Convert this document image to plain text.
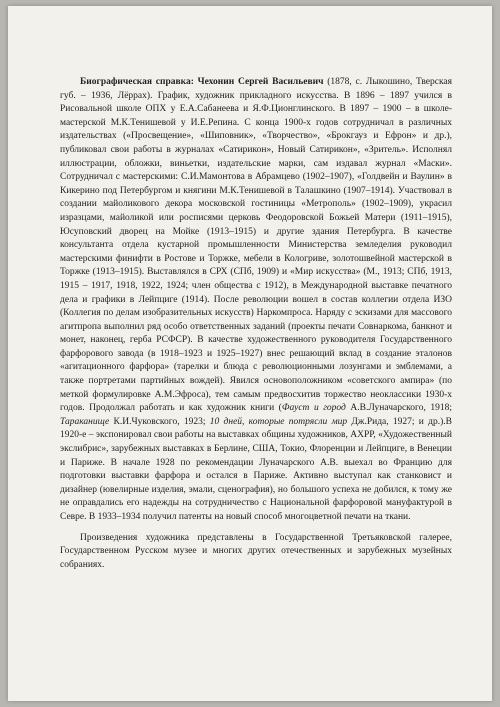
Биографическая справка: Чехонин Сергей Васильевич (1878, с. Лыкошино, Тверская губ. – 1936, Лёррах). График, художник прикладного искусства. В 1896 – 1897 учился в Рисовальной школе ОПХ у Е.А.Сабанеева и Я.Ф.Ционглинского. В 1897 – 1900 – в школе-мастерской М.К.Тенишевой у И.Е.Репина. С конца 1900-х годов сотрудничал в различных издательствах («Просвещение», «Шиповник», «Творчество», «Брокгауз и Ефрон» и др.), публиковал свои работы в журналах «Сатирикон», Новый Сатирикон», «Зритель». Исполнял иллюстрации, обложки, виньетки, издательские марки, сам издавал журнал «Маски». Сотрудничал с мастерскими: С.И.Мамонтова в Абрамцево (1902–1907), «Голдвейн и Ваулин» в Кикерино под Петербургом и княгини М.К.Тенишевой в Талашкино (1907–1914). Участвовал в создании майоликового декора московской гостиницы «Метрополь» (1902–1909), украсил изразцами, майоликой или росписями церковь Феодоровской Божьей Матери (1911–1915), Юсуповский дворец на Мойке (1913–1915) и другие здания Петербурга. В качестве консультанта отдела кустарной промышленности Министерства земледелия руководил мастерскими финифти в Ростове и Торжке, мебели в Кологриве, золотошвейной мастерской в Торжке (1913–1915). Выставлялся в СРХ (СПб, 1909) и «Мир искусства» (М., 1913; СПб, 1913, 1915 – 1917, 1918, 1922, 1924; член общества с 1912), в Международной выставке печатного дела и графики в Лейпциге (1914). После революции вошел в состав коллегии отдела ИЗО (Коллегия по делам изобразительных искусств) Наркомпроса. Наряду с эскизами для массового агитпропа выполнил ряд особо ответственных заданий (проекты печати Совнаркома, банкнот и монет, наконец, герба РСФСР). В качестве художественного руководителя Государственного фарфорового завода (в 1918–1923 и 1925–1927) внес решающий вклад в создание эталонов «агитационного фарфора» (тарелки и блюда с революционными лозунгами и эмблемами, а также портретами партийных вождей). Явился основоположником «советского ампира» (по меткой формулировке А.М.Эфроса), тем самым предвосхитив торжество неоклассики 1930-х годов. Продолжал работать и как художник книги (Фауст и город А.В.Луначарского, 1918; Тараканище К.И.Чуковского, 1923; 10 дней, которые потрясли мир Дж.Рида, 1927; и др.).В 1920-е – экспонировал свои работы на выставках общины художников, АХРР, «Художественный экслибрис», зарубежных выставках в Берлине, США, Токио, Флоренции и Лейпциге, в Венеции и Париже. В начале 1928 по рекомендации Луначарского А.В. выехал во Францию для подготовки выставки фарфора и остался в Париже. Активно выступал как станковист и дизайнер (ювелирные изделия, эмали, сценография), но большого успеха не добился, к тому же не оправдались его надежды на сотрудничество с Национальной фарфоровой мануфактурой в Севре. В 1933–1934 получил патенты на новый способ многоцветной печати на ткани.

Произведения художника представлены в Государственной Третьяковской галерее, Государственном Русском музее и многих других отечественных и зарубежных музейных собраниях.
